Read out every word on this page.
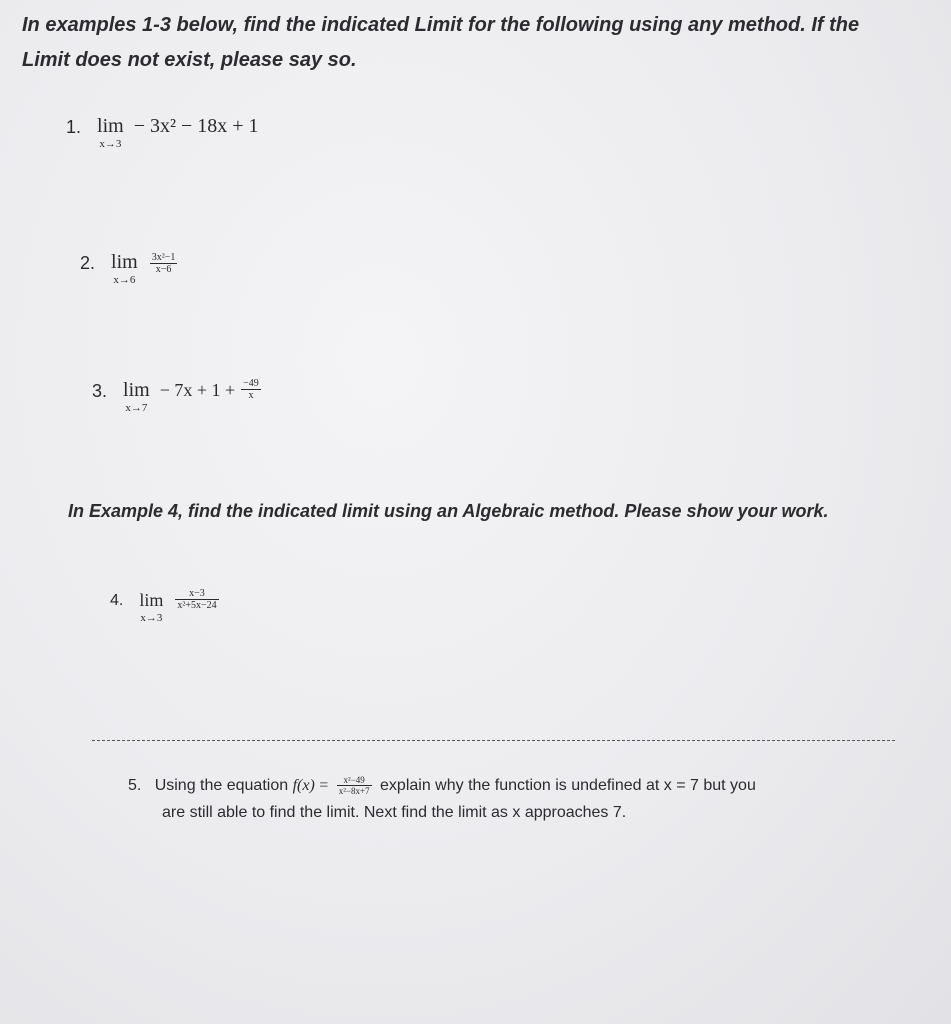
In examples 1-3 below, find the indicated Limit for the following using any method. If the
Limit does not exist, please say so.
1. lim
x→3
− 3x² − 18x + 1
2. lim
x→6

$\frac{\text{3x²−1}}{x-6}$
3. lim
x→7
− $7x + 1 + \frac{-49}{x}$
In Example 4, find the indicated limit using an Algebraic method. Please show your work.
4. lim
x→3

$\frac{x-3}{\text{x²+5x−24}}$
5. Using the equation $f(x) = \frac{\text{x²−49}}{\text{x²−8x+7}}$ explain why the function is undefined at x = 7 but you
are still able to find the limit. Next find the limit as x approaches 7.
